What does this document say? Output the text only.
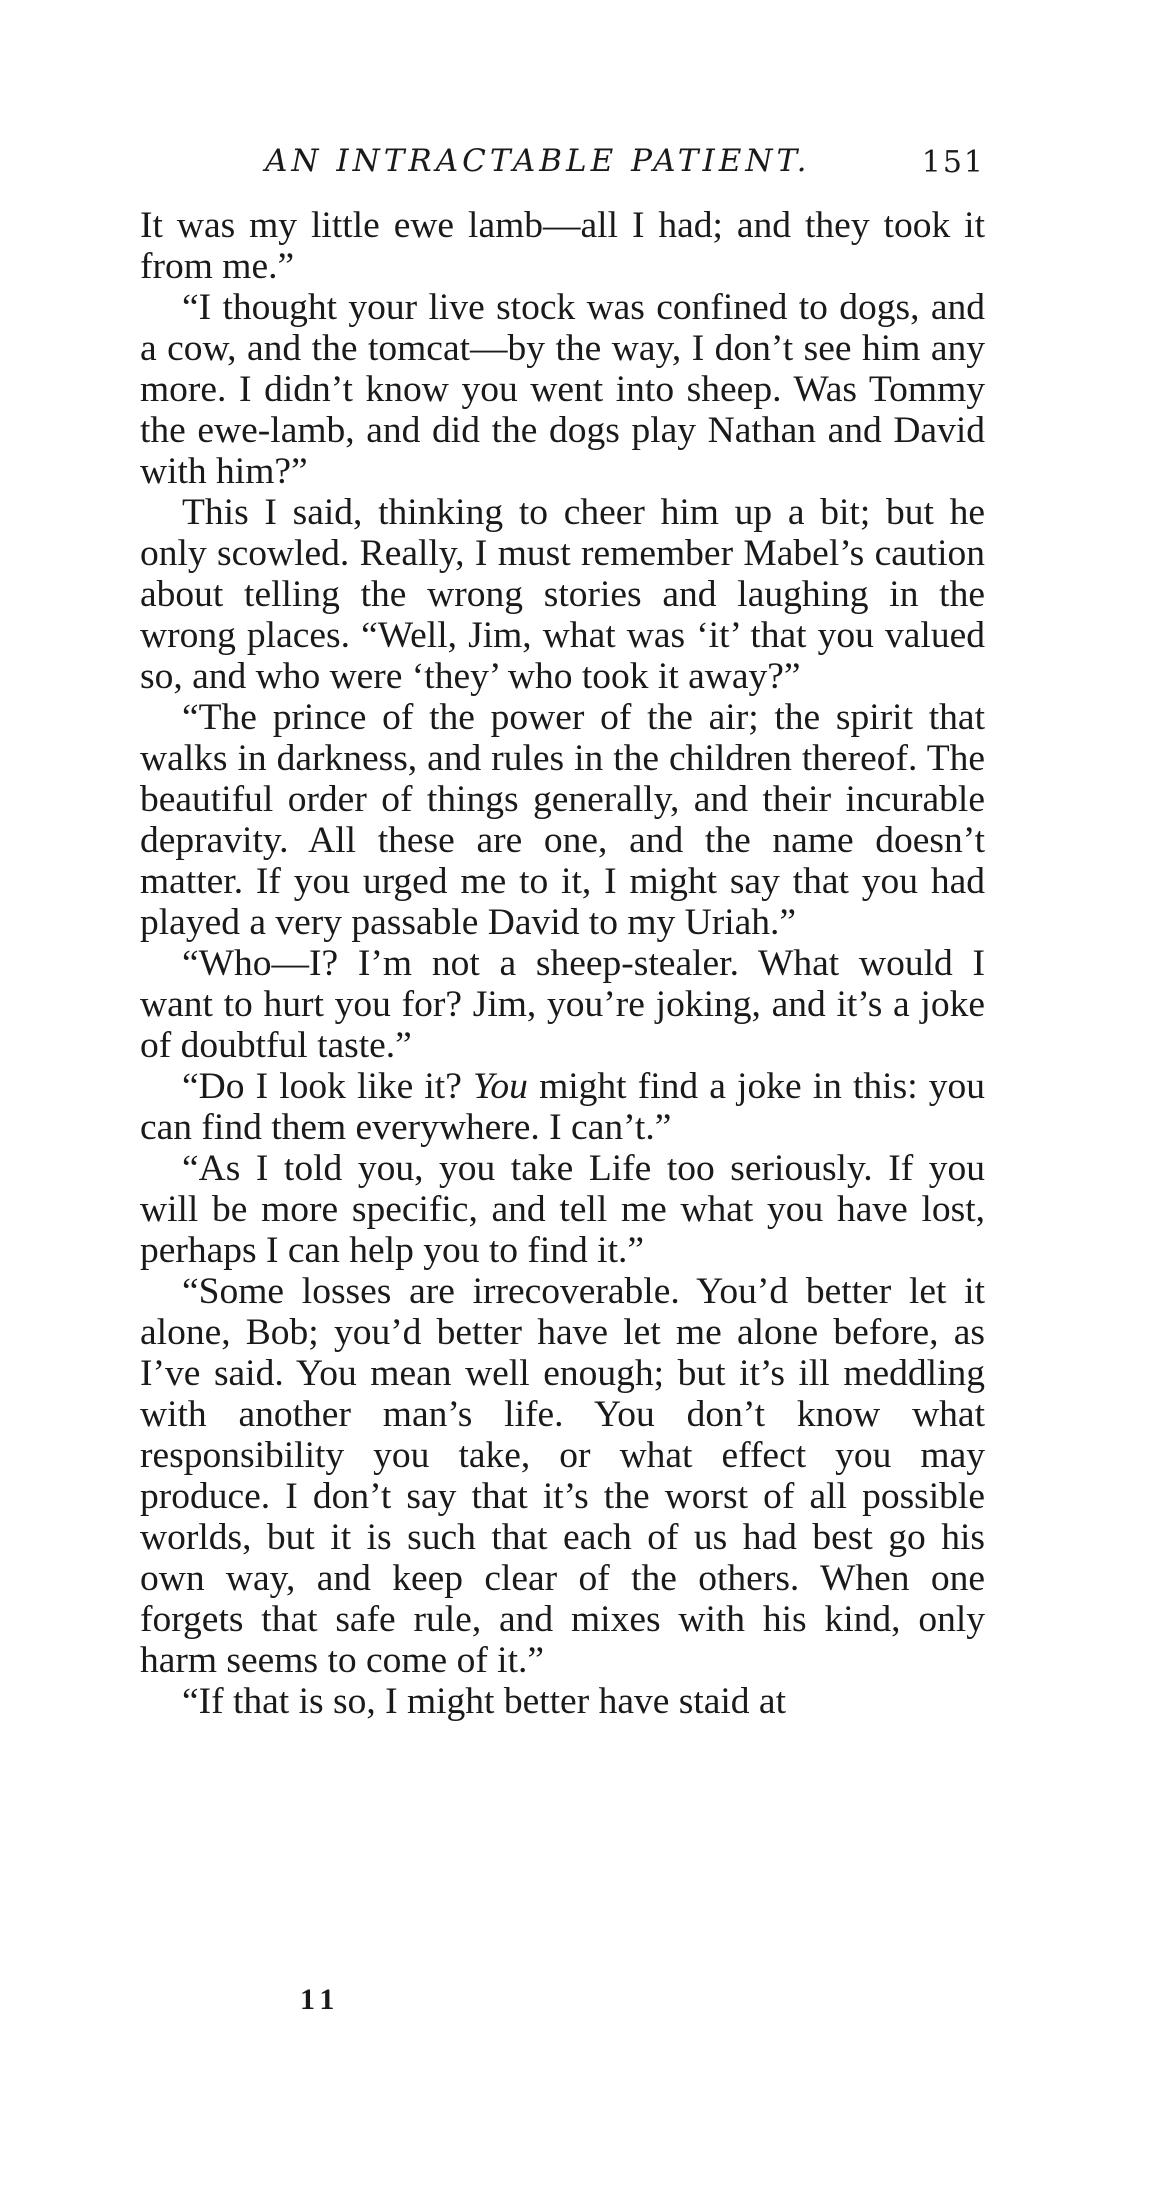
AN INTRACTABLE PATIENT.	151

It was my little ewe lamb—all I had; and they took it from me.”

“I thought your live stock was confined to dogs, and a cow, and the tomcat—by the way, I don’t see him any more. I didn’t know you went into sheep. Was Tommy the ewe-lamb, and did the dogs play Nathan and David with him?”

This I said, thinking to cheer him up a bit; but he only scowled. Really, I must remember Mabel’s caution about telling the wrong stories and laughing in the wrong places. “Well, Jim, what was ‘it’ that you valued so, and who were ‘they’ who took it away?”

“The prince of the power of the air; the spirit that walks in darkness, and rules in the children thereof. The beautiful order of things generally, and their incurable depravity. All these are one, and the name doesn’t matter. If you urged me to it, I might say that you had played a very passable David to my Uriah.”

“Who—I? I’m not a sheep-stealer. What would I want to hurt you for? Jim, you’re joking, and it’s a joke of doubtful taste.”

“Do I look like it? You might find a joke in this: you can find them everywhere. I can’t.”

“As I told you, you take Life too seriously. If you will be more specific, and tell me what you have lost, perhaps I can help you to find it.”

“Some losses are irrecoverable. You’d better let it alone, Bob; you’d better have let me alone before, as I’ve said. You mean well enough; but it’s ill meddling with another man’s life. You don’t know what responsibility you take, or what effect you may produce. I don’t say that it’s the worst of all possible worlds, but it is such that each of us had best go his own way, and keep clear of the others. When one forgets that safe rule, and mixes with his kind, only harm seems to come of it.”

“If that is so, I might better have staid at

11
